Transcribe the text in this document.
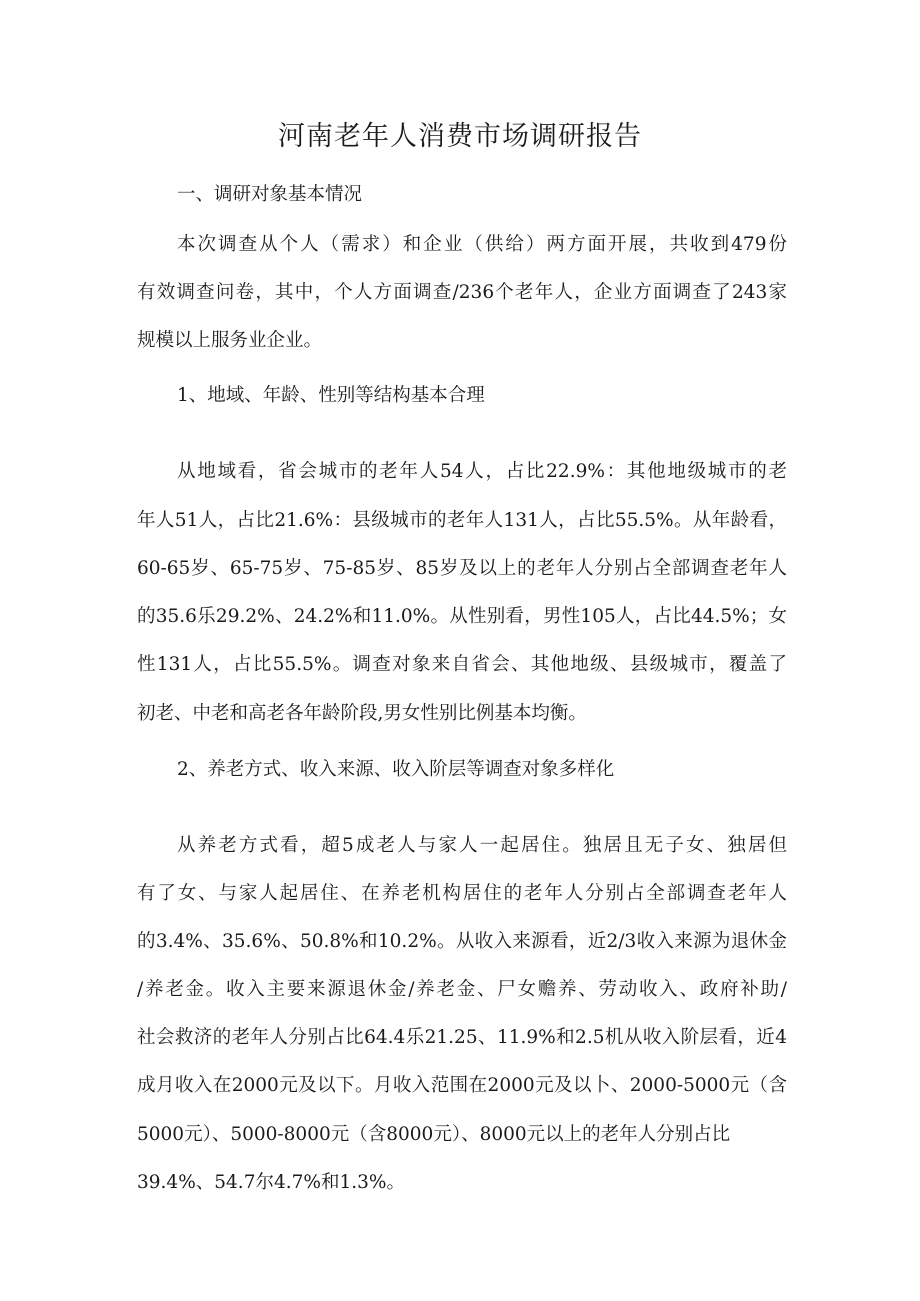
河南老年人消费市场调研报告

一、调研对象基本情况

本次调查从个人（需求）和企业（供给）两方面开展，共收到479份

有效调查问卷，其中，个人方面调查/236个老年人，企业方面调查了243家

规模以上服务业企业。

1、地域、年龄、性别等结构基本合理

从地域看，省会城市的老年人54人，占比22.9%：其他地级城市的老

年人51人，占比21.6%：县级城市的老年人131人，占比55.5%。从年龄看，

60-65岁、65-75岁、75-85岁、85岁及以上的老年人分别占全部调查老年人

的35.6乐29.2%、24.2%和11.0%。从性别看，男性105人，占比44.5%；女

性131人，占比55.5%。调查对象来自省会、其他地级、县级城市，覆盖了

初老、中老和高老各年龄阶段,男女性别比例基本均衡。

2、养老方式、收入来源、收入阶层等调查对象多样化

从养老方式看，超5成老人与家人一起居住。独居且无子女、独居但

有了女、与家人起居住、在养老机构居住的老年人分别占全部调查老年人

的3.4%、35.6%、50.8%和10.2%。从收入来源看，近2/3收入来源为退休金

/养老金。收入主要来源退休金/养老金、尸女赡养、劳动收入、政府补助/

社会救济的老年人分别占比64.4乐21.25、11.9%和2.5机从收入阶层看，近4

成月收入在2000元及以下。月收入范围在2000元及以卜、2000-5000元（含

5000元）、5000-8000元（含8000元）、8000元以上的老年人分别占比

39.4%、54.7尔4.7%和1.3%。
